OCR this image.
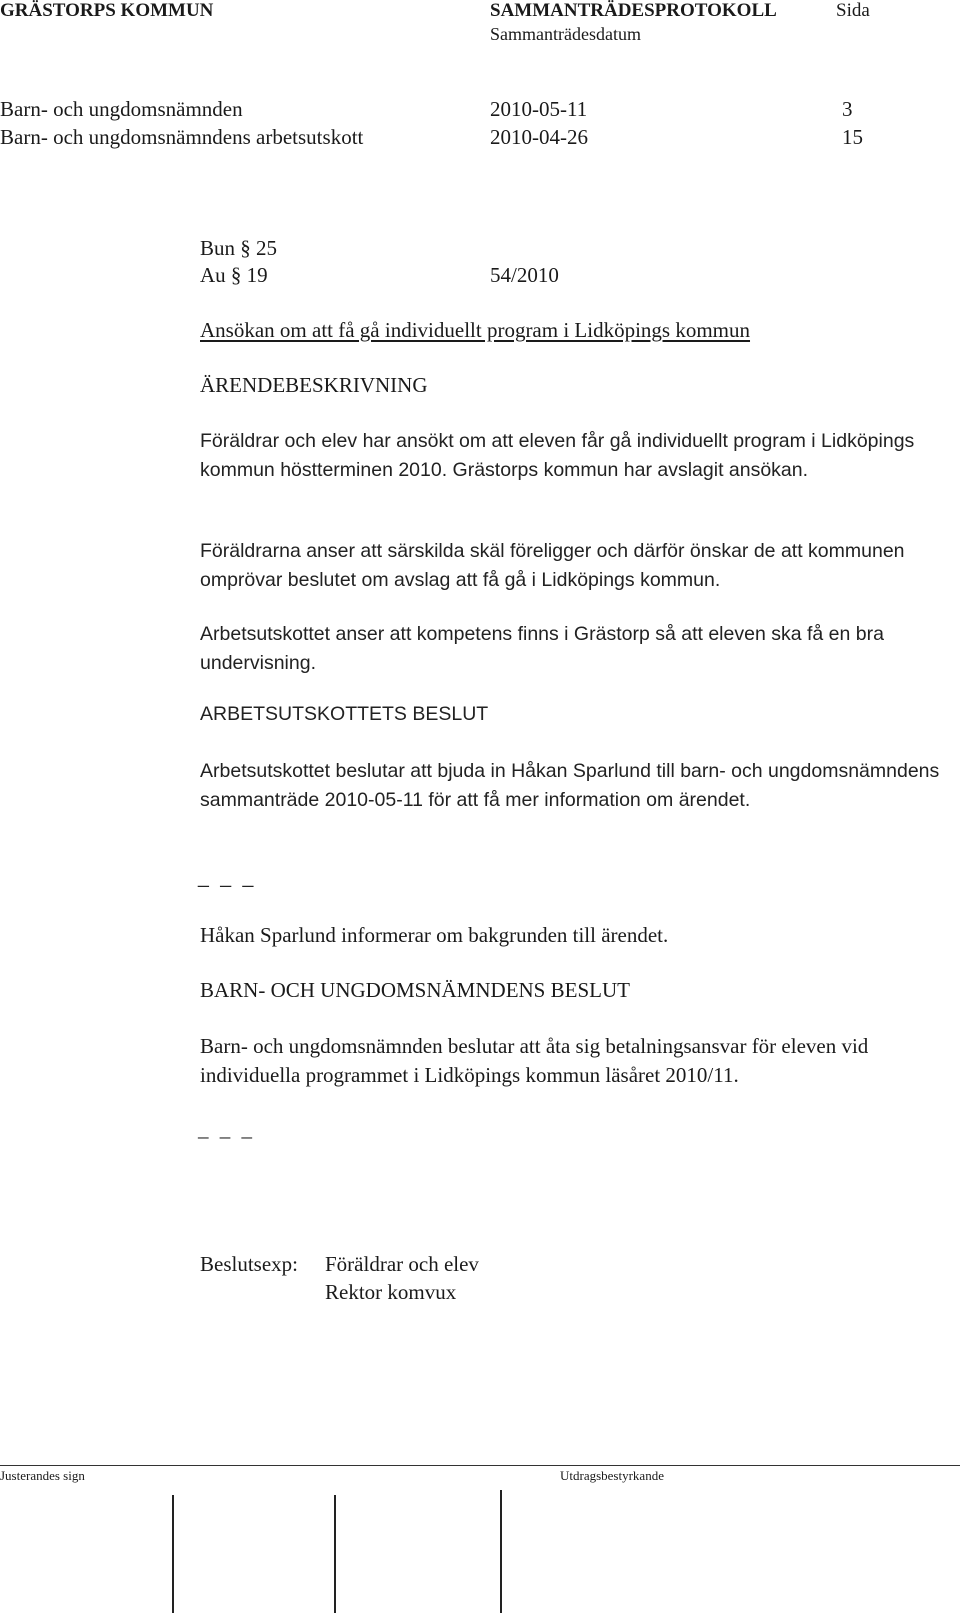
GRÄSTORPS KOMMUN	SAMMANTRÄDESPROTOKOLL	Sida
Sammanträdesdatum
Barn- och ungdomsnämnden	2010-05-11	3
Barn- och ungdomsnämndens arbetsutskott	2010-04-26	15
Bun § 25
Au § 19	54/2010
Ansökan om att få gå individuellt program i Lidköpings kommun
ÄRENDEBESKRIVNING
Föräldrar och elev har ansökt om att eleven får gå individuellt program i Lidköpings kommun höstterminen 2010. Grästorps kommun har avslagit ansökan.
Föräldrarna anser att särskilda skäl föreligger och därför önskar de att kommunen omprövar beslutet om avslag att få gå i Lidköpings kommun.
Arbetsutskottet anser att kompetens finns i Grästorp så att eleven ska få en bra undervisning.
ARBETSUTSKOTTETS BESLUT
Arbetsutskottet beslutar att bjuda in Håkan Sparlund till barn- och ungdomsnämndens sammanträde 2010-05-11 för att få mer information om ärendet.
_ _ _
Håkan Sparlund informerar om bakgrunden till ärendet.
BARN- OCH UNGDOMSNÄMNDENS BESLUT
Barn- och ungdomsnämnden beslutar att åta sig betalningsansvar för eleven vid individuella programmet i Lidköpings kommun läsåret 2010/11.
_ _ _
Beslutsexp: Föräldrar och elev
Rektor komvux
Justerandes sign	Utdragsbestyrkande
